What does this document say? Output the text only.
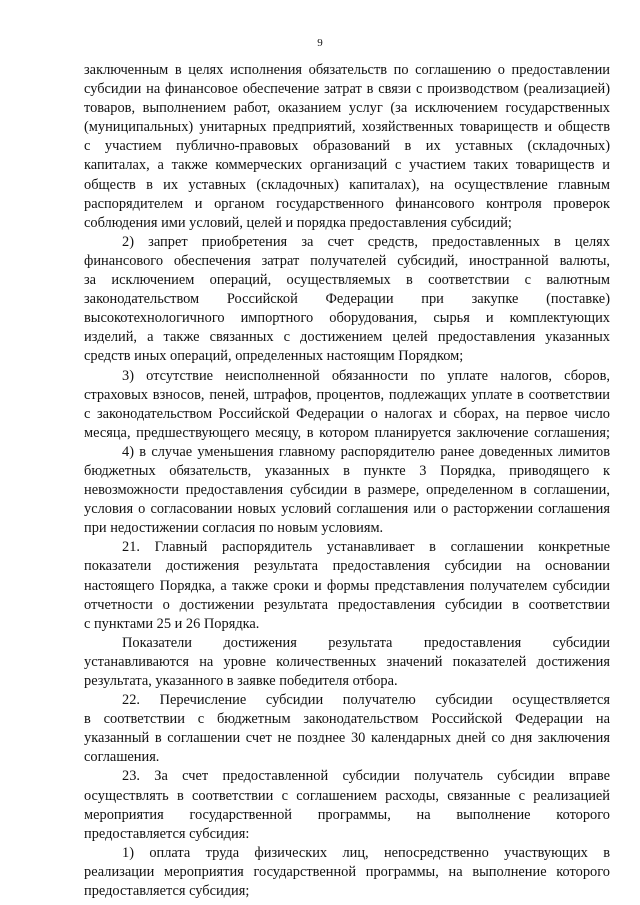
9
заключенным в целях исполнения обязательств по соглашению о предоставлении
субсидии на финансовое обеспечение затрат в связи с производством (реализацией)
товаров, выполнением работ, оказанием услуг (за исключением государственных
(муниципальных) унитарных предприятий, хозяйственных товариществ и обществ
с участием публично-правовых образований в их уставных (складочных)
капиталах, а также коммерческих организаций с участием таких товариществ и
обществ в их уставных (складочных) капиталах), на осуществление главным
распорядителем и органом государственного финансового контроля проверок
соблюдения ими условий, целей и порядка предоставления субсидий;
2) запрет приобретения за счет средств, предоставленных в целях
финансового обеспечения затрат получателей субсидий, иностранной валюты,
за исключением операций, осуществляемых в соответствии с валютным
законодательством Российской Федерации при закупке (поставке)
высокотехнологичного импортного оборудования, сырья и комплектующих
изделий, а также связанных с достижением целей предоставления указанных
средств иных операций, определенных настоящим Порядком;
3) отсутствие неисполненной обязанности по уплате налогов, сборов,
страховых взносов, пеней, штрафов, процентов, подлежащих уплате в соответствии
с законодательством Российской Федерации о налогах и сборах, на первое число
месяца, предшествующего месяцу, в котором планируется заключение соглашения;
4) в случае уменьшения главному распорядителю ранее доведенных лимитов
бюджетных обязательств, указанных в пункте 3 Порядка, приводящего к
невозможности предоставления субсидии в размере, определенном в соглашении,
условия о согласовании новых условий соглашения или о расторжении соглашения
при недостижении согласия по новым условиям.
21. Главный распорядитель устанавливает в соглашении конкретные
показатели достижения результата предоставления субсидии на основании
настоящего Порядка, а также сроки и формы представления получателем субсидии
отчетности о достижении результата предоставления субсидии в соответствии
с пунктами 25 и 26 Порядка.
Показатели достижения результата предоставления субсидии
устанавливаются на уровне количественных значений показателей достижения
результата, указанного в заявке победителя отбора.
22. Перечисление субсидии получателю субсидии осуществляется
в соответствии с бюджетным законодательством Российской Федерации на
указанный в соглашении счет не позднее 30 календарных дней со дня заключения
соглашения.
23. За счет предоставленной субсидии получатель субсидии вправе
осуществлять в соответствии с соглашением расходы, связанные с реализацией
мероприятия государственной программы, на выполнение которого
предоставляется субсидия:
1) оплата труда физических лиц, непосредственно участвующих в
реализации мероприятия государственной программы, на выполнение которого
предоставляется субсидия;
